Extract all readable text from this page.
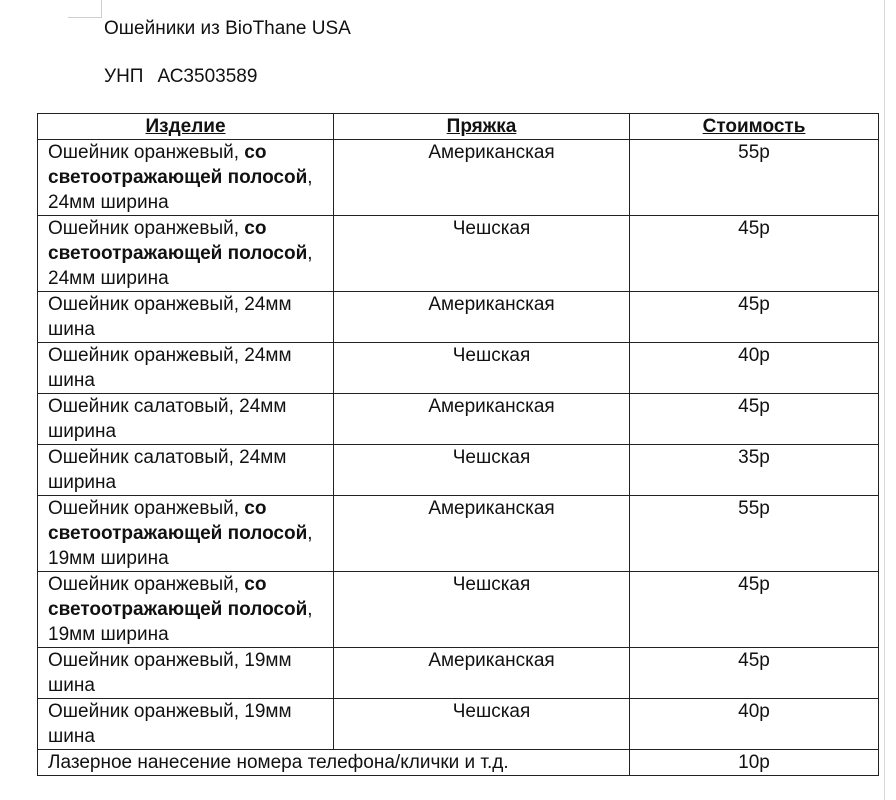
Ошейники из BioThane USA
УНП АС3503589
Изделие	Пряжка	Стоимость
Ошейник оранжевый, со светоотражающей полосой, 24мм ширина	Американская	55р
Ошейник оранжевый, со светоотражающей полосой, 24мм ширина	Чешская	45р
Ошейник оранжевый, 24мм шина	Американская	45р
Ошейник оранжевый, 24мм шина	Чешская	40р
Ошейник салатовый, 24мм ширина	Американская	45р
Ошейник салатовый, 24мм ширина	Чешская	35р
Ошейник оранжевый, со светоотражающей полосой, 19мм ширина	Американская	55р
Ошейник оранжевый, со светоотражающей полосой, 19мм ширина	Чешская	45р
Ошейник оранжевый, 19мм шина	Американская	45р
Ошейник оранжевый, 19мм шина	Чешская	40р
Лазерное нанесение номера телефона/клички и т.д.		10р
